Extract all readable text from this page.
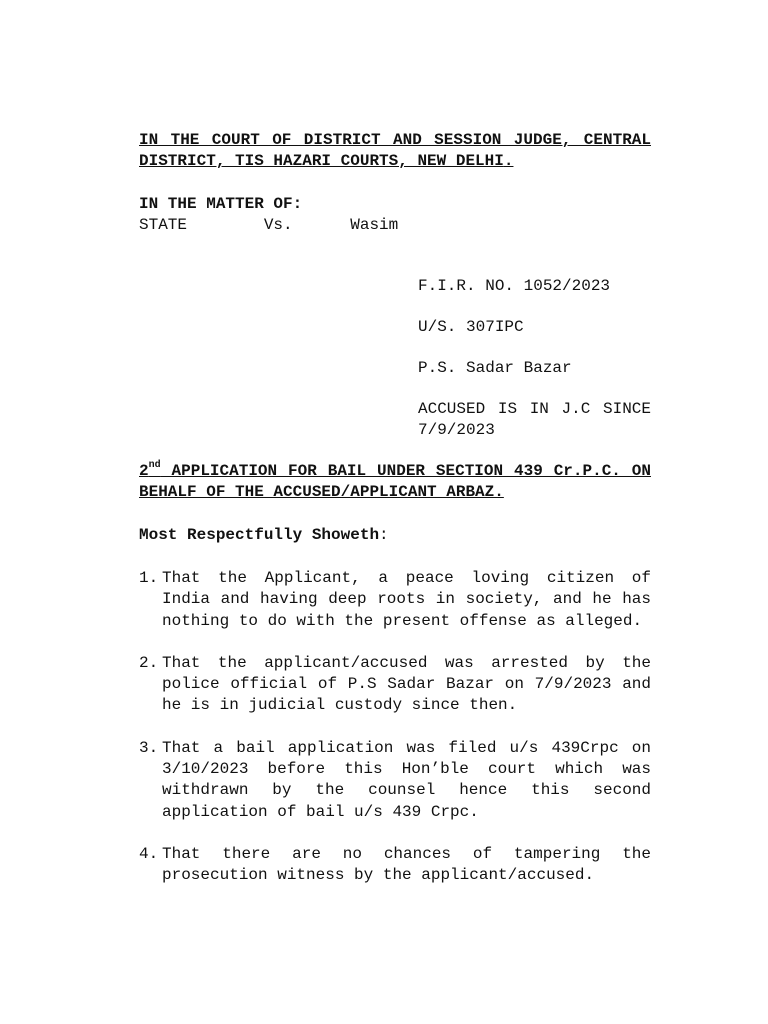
IN THE COURT OF DISTRICT AND SESSION JUDGE, CENTRAL DISTRICT, TIS HAZARI COURTS, NEW DELHI.

IN THE MATTER OF:

STATE	Vs.	Wasim

F.I.R. NO. 1052/2023

U/S. 307IPC

P.S. Sadar Bazar

ACCUSED IS IN J.C SINCE 7/9/2023

2nd APPLICATION FOR BAIL UNDER SECTION 439 Cr.P.C. ON BEHALF OF THE ACCUSED/APPLICANT ARBAZ.

Most Respectfully Showeth:

1. That the Applicant, a peace loving citizen of India and having deep roots in society, and he has nothing to do with the present offense as alleged.
2. That the applicant/accused was arrested by the police official of P.S Sadar Bazar on 7/9/2023 and he is in judicial custody since then.
3. That a bail application was filed u/s 439Crpc on 3/10/2023 before this Hon’ble court which was withdrawn by the counsel hence this second application of bail u/s 439 Crpc.
4. That there are no chances of tampering the prosecution witness by the applicant/accused.
